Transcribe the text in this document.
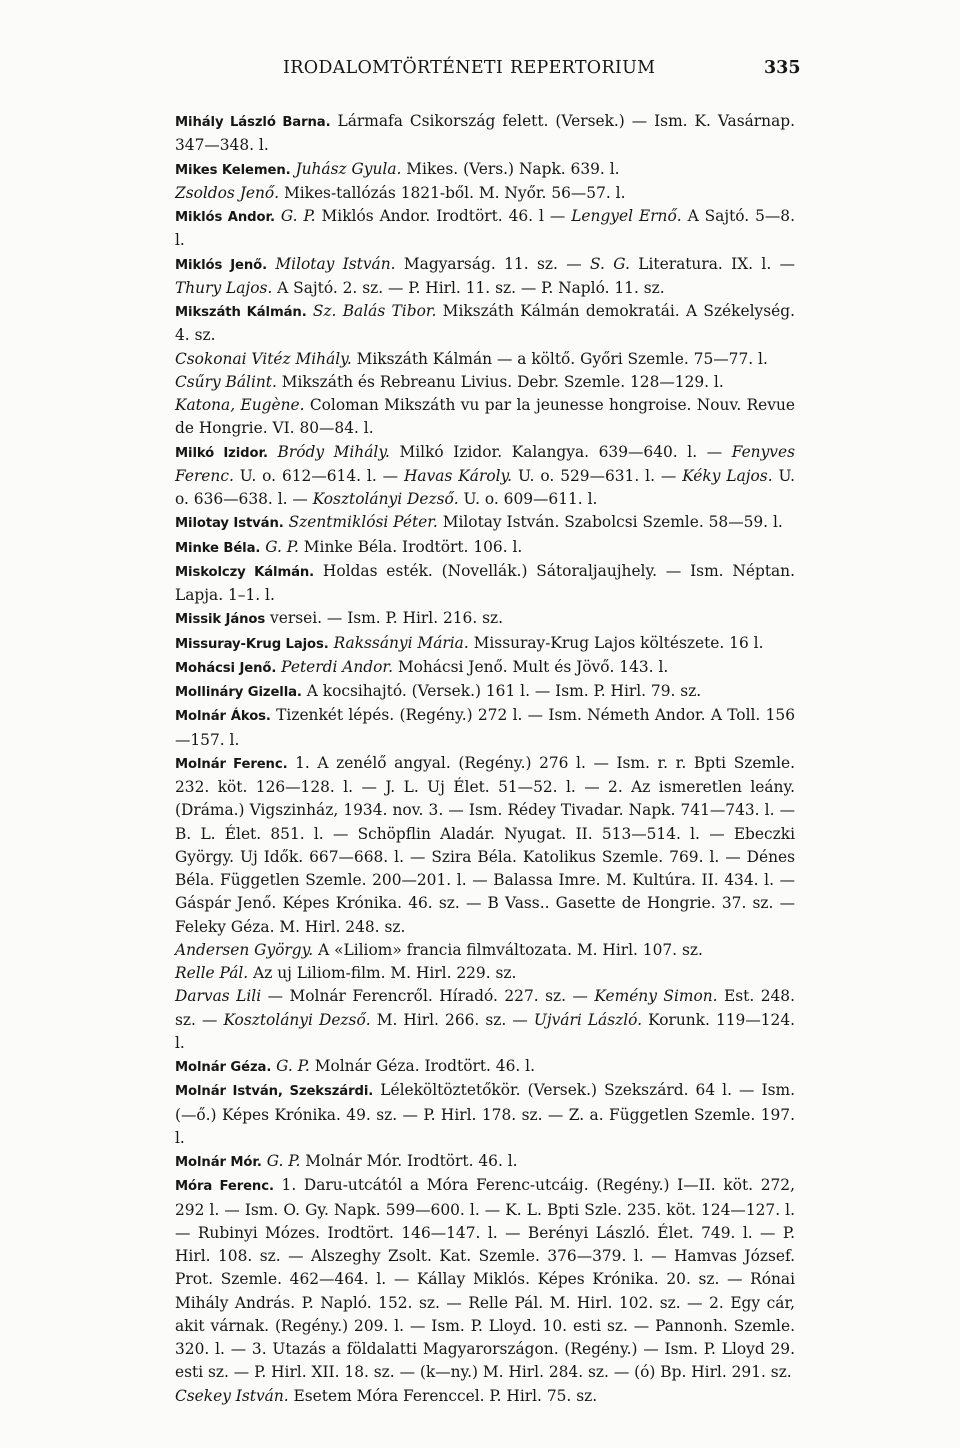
IRODALOMTÖRTÉNETI REPERTORIUM	335

Mihály László Barna. Lármafa Csikország felett. (Versek.) — Ism. K. Vasárnap. 347—348. l.

Mikes Kelemen. Juhász Gyula. Mikes. (Vers.) Napk. 639. l.

Zsoldos Jenő. Mikes-tallózás 1821-ből. M. Nyőr. 56—57. l.

Miklós Andor. G. P. Miklós Andor. Irodtört. 46. l — Lengyel Ernő. A Sajtó. 5—8. l.

Miklós Jenő. Milotay István. Magyarság. 11. sz. — S. G. Literatura. IX. l. — Thury Lajos. A Sajtó. 2. sz. — P. Hirl. 11. sz. — P. Napló. 11. sz.

Mikszáth Kálmán. Sz. Balás Tibor. Mikszáth Kálmán demokratái. A Székelység. 4. sz.

Csokonai Vitéz Mihály. Mikszáth Kálmán — a költő. Győri Szemle. 75—77. l.

Csűry Bálint. Mikszáth és Rebreanu Livius. Debr. Szemle. 128—129. l.

Katona, Eugène. Coloman Mikszáth vu par la jeunesse hongroise. Nouv. Revue de Hongrie. VI. 80—84. l.

Milkó Izidor. Bródy Mihály. Milkó Izidor. Kalangya. 639—640. l. — Fenyves Ferenc. U. o. 612—614. l. — Havas Károly. U. o. 529—631. l. — Kéky Lajos. U. o. 636—638. l. — Kosztolányi Dezső. U. o. 609—611. l.

Milotay István. Szentmiklósi Péter. Milotay István. Szabolcsi Szemle. 58—59. l.

Minke Béla. G. P. Minke Béla. Irodtört. 106. l.

Miskolczy Kálmán. Holdas esték. (Novellák.) Sátoraljaujhely. — Ism. Néptan. Lapja. 1–1. l.

Missik János versei. — Ism. P. Hirl. 216. sz.

Missuray-Krug Lajos. Rakssányi Mária. Missuray-Krug Lajos költészete. 16 l.

Mohácsi Jenő. Peterdi Andor. Mohácsi Jenő. Mult és Jövő. 143. l.

Mollináry Gizella. A kocsihajtó. (Versek.) 161 l. — Ism. P. Hirl. 79. sz.

Molnár Ákos. Tizenkét lépés. (Regény.) 272 l. — Ism. Németh Andor. A Toll. 156—157. l.

Molnár Ferenc. 1. A zenélő angyal. (Regény.) 276 l. — Ism. r. r. Bpti Szemle. 232. köt. 126—128. l. — J. L. Uj Élet. 51—52. l. — 2. Az ismeretlen leány. (Dráma.) Vigszinház, 1934. nov. 3. — Ism. Rédey Tivadar. Napk. 741—743. l. — B. L. Élet. 851. l. — Schöpflin Aladár. Nyugat. II. 513—514. l. — Ebeczki György. Uj Idők. 667—668. l. — Szira Béla. Katolikus Szemle. 769. l. — Dénes Béla. Független Szemle. 200—201. l. — Balassa Imre. M. Kultúra. II. 434. l. — Gáspár Jenő. Képes Krónika. 46. sz. — B Vass.. Gasette de Hongrie. 37. sz. — Feleky Géza. M. Hirl. 248. sz.

Andersen György. A «Liliom» francia filmváltozata. M. Hirl. 107. sz.

Relle Pál. Az uj Liliom-film. M. Hirl. 229. sz.

Darvas Lili — Molnár Ferencről. Híradó. 227. sz. — Kemény Simon. Est. 248. sz. — Kosztolányi Dezső. M. Hirl. 266. sz. — Ujvári László. Korunk. 119—124. l.

Molnár Géza. G. P. Molnár Géza. Irodtört. 46. l.

Molnár István, Szekszárdi. Léleköltöztetőkör. (Versek.) Szekszárd. 64 l. — Ism. (—ő.) Képes Krónika. 49. sz. — P. Hirl. 178. sz. — Z. a. Független Szemle. 197. l.

Molnár Mór. G. P. Molnár Mór. Irodtört. 46. l.

Móra Ferenc. 1. Daru-utcától a Móra Ferenc-utcáig. (Regény.) I—II. köt. 272, 292 l. — Ism. O. Gy. Napk. 599—600. l. — K. L. Bpti Szle. 235. köt. 124—127. l. — Rubinyi Mózes. Irodtört. 146—147. l. — Berényi László. Élet. 749. l. — P. Hirl. 108. sz. — Alszeghy Zsolt. Kat. Szemle. 376—379. l. — Hamvas József. Prot. Szemle. 462—464. l. — Kállay Miklós. Képes Krónika. 20. sz. — Rónai Mihály András. P. Napló. 152. sz. — Relle Pál. M. Hirl. 102. sz. — 2. Egy cár, akit várnak. (Regény.) 209. l. — Ism. P. Lloyd. 10. esti sz. — Pannonh. Szemle. 320. l. — 3. Utazás a földalatti Magyarországon. (Regény.) — Ism. P. Lloyd 29. esti sz. — P. Hirl. XII. 18. sz. — (k—ny.) M. Hirl. 284. sz. — (ó) Bp. Hirl. 291. sz.

Csekey István. Esetem Móra Ferenccel. P. Hirl. 75. sz.
